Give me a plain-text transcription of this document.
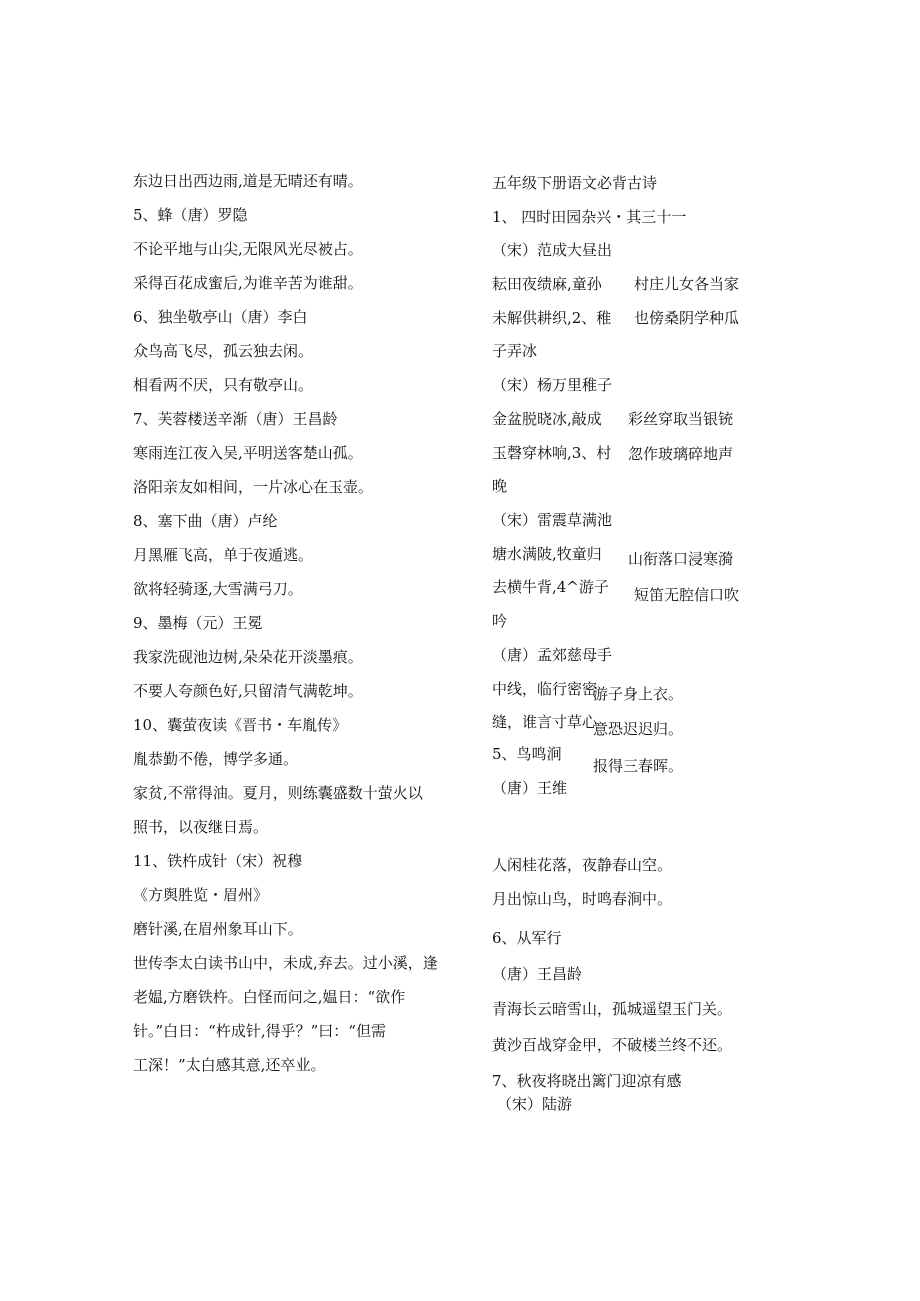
东边日出西边雨,道是无晴还有晴。
5、蜂（唐）罗隐
不论平地与山尖,无限风光尽被占。
采得百花成蜜后,为谁辛苦为谁甜。
6、独坐敬亭山（唐）李白
众鸟高飞尽，孤云独去闲。
相看两不厌，只有敬亭山。
7、芙蓉楼送辛渐（唐）王昌龄
寒雨连江夜入吴,平明送客楚山孤。
洛阳亲友如相间，一片冰心在玉壶。
8、塞下曲（唐）卢纶
月黑雁飞高，单于夜遁逃。
欲将轻骑逐,大雪满弓刀。
9、墨梅（元）王冕
我家洗砚池边树,朵朵花开淡墨痕。
不要人夸颜色好,只留清气满乾坤。
10、囊萤夜读《晋书・车胤传》
胤恭勤不倦，博学多通。
家贫,不常得油。夏月，则练囊盛数十萤火以
照书，以夜继日焉。
11、铁杵成针（宋）祝穆
《方舆胜览・眉州》
磨针溪,在眉州象耳山下。
世传李太白读书山中，未成,弃去。过小溪，逢
老媪,方磨铁杵。白怪而问之,媪日：“欲作
针。”白日：“杵成针,得乎？”曰：“但需
工深！”太白感其意,还卒业。
五年级下册语文必背古诗
1、 四时田园杂兴・其三十一
（宋）范成大昼出
耘田夜绩麻,童孙 村庄儿女各当家
未解供耕织,2、稚 也傍桑阴学种瓜
子弄冰
（宋）杨万里稚子
金盆脱晓冰,敲成 彩丝穿取当银铳
玉磬穿林响,3、村 忽作玻璃碎地声
晚
（宋）雷震草满池
塘水满陂,牧童归 山衔落口浸寒漪
去横牛背,4^游子 短笛无腔信口吹
吟
（唐）孟郊慈母手
中线，临行密密
游子身上衣。
缝，谁言寸草心
意恐迟迟归。
5、鸟鸣涧
报得三春晖。
（唐）王维
人闲桂花落，夜静春山空。
月出惊山鸟，时鸣春涧中。
6、从军行
（唐）王昌龄
青海长云暗雪山，孤城遥望玉门关。
黄沙百战穿金甲，不破楼兰终不还。
7、秋夜将晓出篱门迎凉有感
（宋）陆游
